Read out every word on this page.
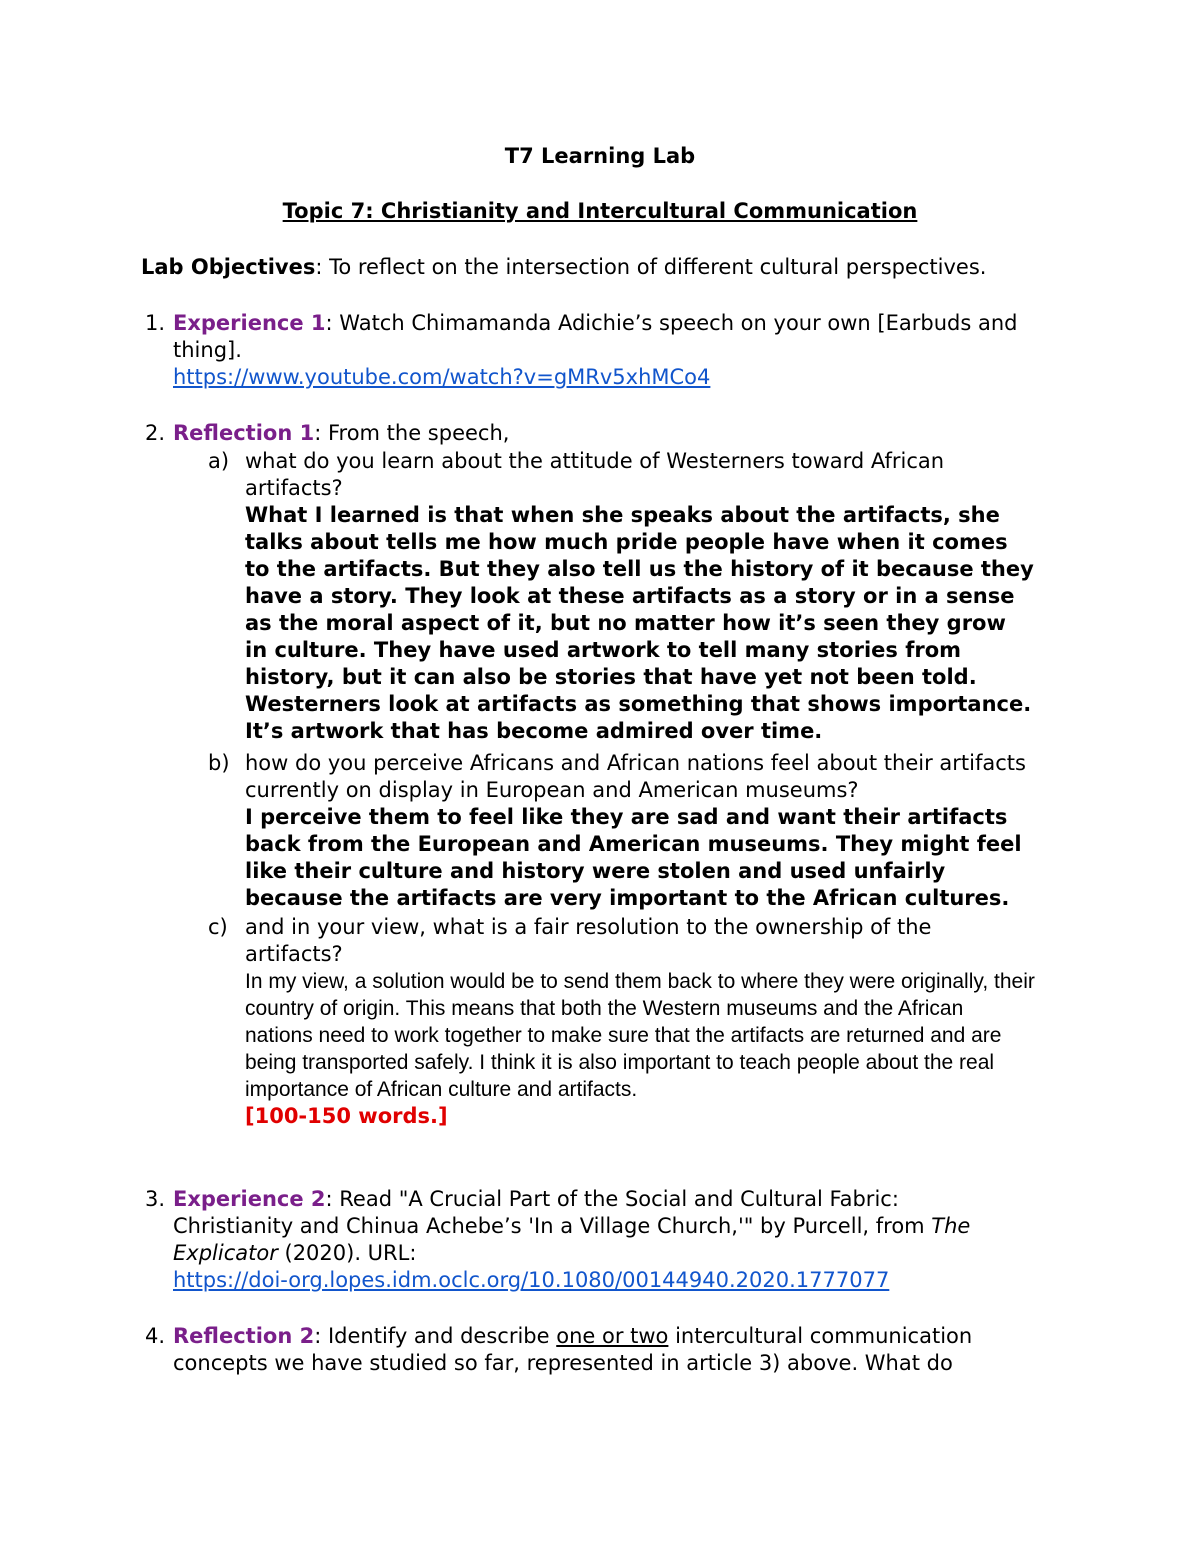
T7 Learning Lab
Topic 7: Christianity and Intercultural Communication
Lab Objectives: To reflect on the intersection of different cultural perspectives.
1. Experience 1: Watch Chimamanda Adichie’s speech on your own [Earbuds and thing].

https://www.youtube.com/watch?v=gMRv5xhMCo4

2. Reflection 1: From the speech,

a) what do you learn about the attitude of Westerners toward African artifacts?

What I learned is that when she speaks about the artifacts, she talks about tells me how much pride people have when it comes to the artifacts. But they also tell us the history of it because they have a story. They look at these artifacts as a story or in a sense as the moral aspect of it, but no matter how it’s seen they grow in culture. They have used artwork to tell many stories from history, but it can also be stories that have yet not been told. Westerners look at artifacts as something that shows importance. It’s artwork that has become admired over time.

b) how do you perceive Africans and African nations feel about their artifacts currently on display in European and American museums?

I perceive them to feel like they are sad and want their artifacts back from the European and American museums. They might feel like their culture and history were stolen and used unfairly because the artifacts are very important to the African cultures.

c) and in your view, what is a fair resolution to the ownership of the artifacts?

In my view, a solution would be to send them back to where they were originally, their country of origin. This means that both the Western museums and the African nations need to work together to make sure that the artifacts are returned and are being transported safely. I think it is also important to teach people about the real importance of African culture and artifacts.

[100-150 words.]

3. Experience 2: Read "A Crucial Part of the Social and Cultural Fabric: Christianity and Chinua Achebe’s 'In a Village Church,'" by Purcell, from The Explicator (2020). URL:

https://doi-org.lopes.idm.oclc.org/10.1080/00144940.2020.1777077

4. Reflection 2: Identify and describe one or two intercultural communication concepts we have studied so far, represented in article 3) above. What do
